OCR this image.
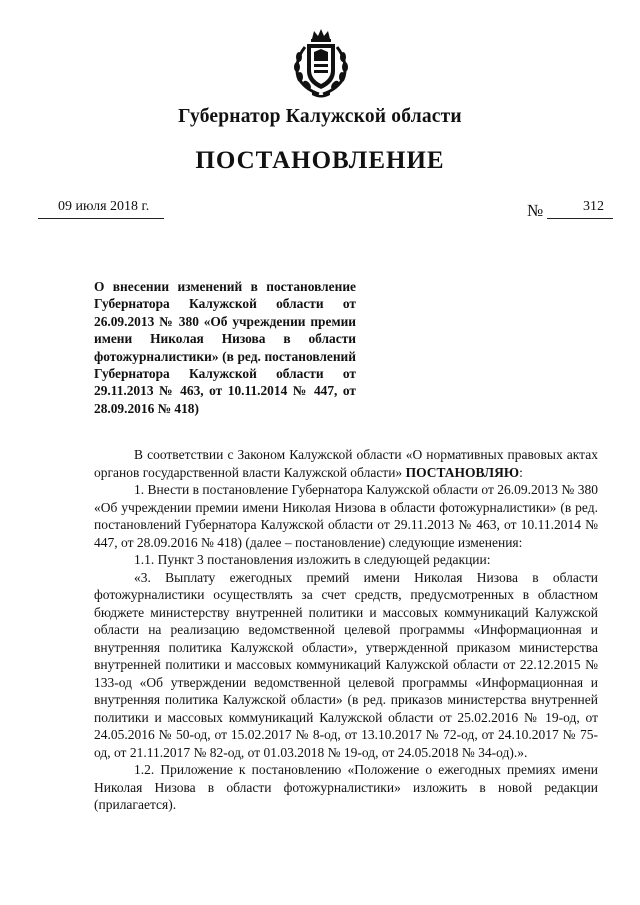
Губернатор Калужской области
ПОСТАНОВЛЕНИЕ
09 июля 2018 г.	№	312
О внесении изменений в постановление Губернатора Калужской области от 26.09.2013 № 380 «Об учреждении премии имени Николая Низова в области фотожурналистики» (в ред. постановлений Губернатора Калужской области от 29.11.2013 № 463, от 10.11.2014 № 447, от 28.09.2016 № 418)

В соответствии с Законом Калужской области «О нормативных правовых актах органов государственной власти Калужской области» ПОСТАНОВЛЯЮ:

1. Внести в постановление Губернатора Калужской области от 26.09.2013 № 380 «Об учреждении премии имени Николая Низова в области фотожурналистики» (в ред. постановлений Губернатора Калужской области от 29.11.2013 № 463, от 10.11.2014 № 447, от 28.09.2016 № 418) (далее – постановление) следующие изменения:

1.1. Пункт 3 постановления изложить в следующей редакции:

«3. Выплату ежегодных премий имени Николая Низова в области фотожурналистики осуществлять за счет средств, предусмотренных в областном бюджете министерству внутренней политики и массовых коммуникаций Калужской области на реализацию ведомственной целевой программы «Информационная и внутренняя политика Калужской области», утвержденной приказом министерства внутренней политики и массовых коммуникаций Калужской области от 22.12.2015 № 133-од «Об утверждении ведомственной целевой программы «Информационная и внутренняя политика Калужской области» (в ред. приказов министерства внутренней политики и массовых коммуникаций Калужской области от 25.02.2016 № 19-од, от 24.05.2016 № 50-од, от 15.02.2017 № 8-од, от 13.10.2017 № 72-од, от 24.10.2017 № 75-од, от 21.11.2017 № 82-од, от 01.03.2018 № 19-од, от 24.05.2018 № 34-од).».

1.2. Приложение к постановлению «Положение о ежегодных премиях имени Николая Низова в области фотожурналистики» изложить в новой редакции (прилагается).
